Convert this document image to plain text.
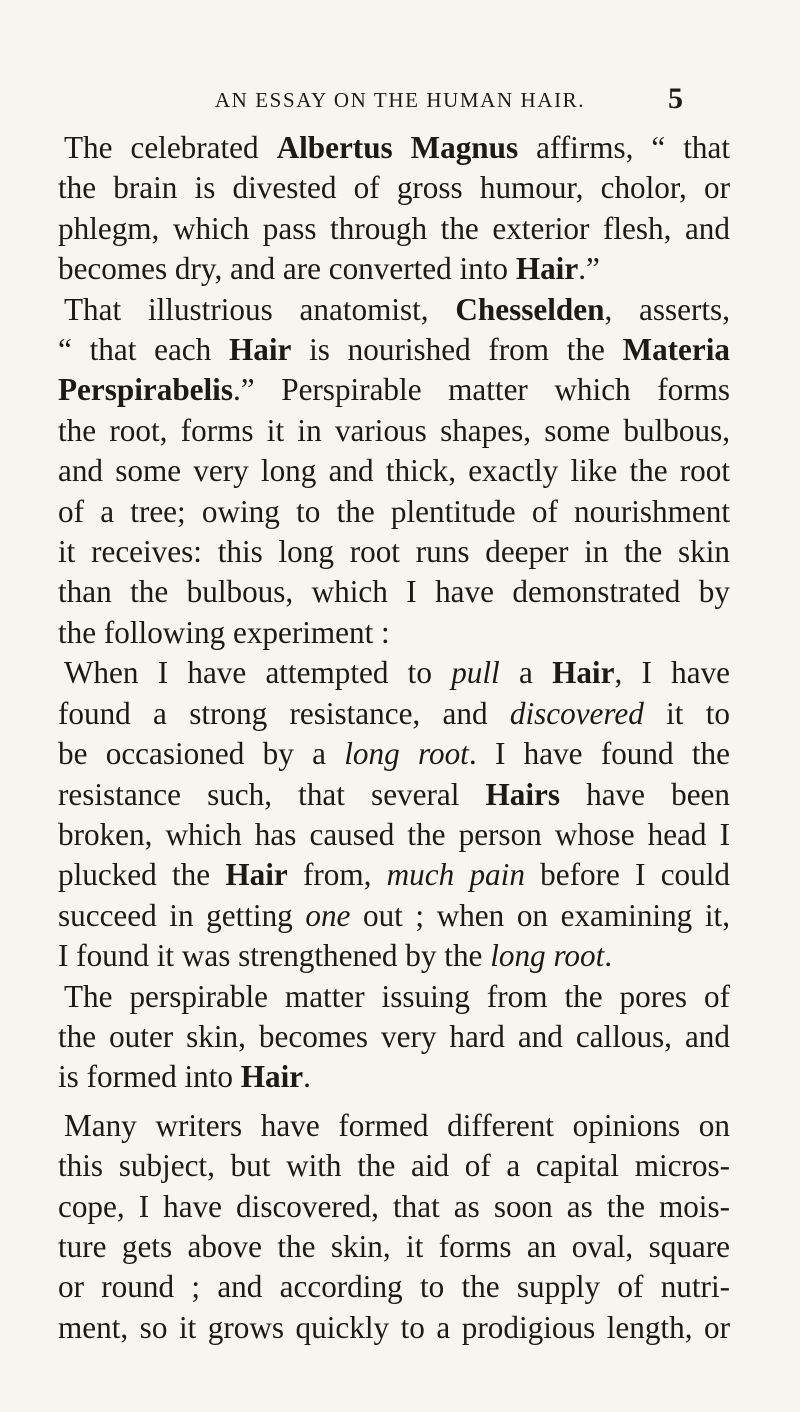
AN ESSAY ON THE HUMAN HAIR.	5

The celebrated Albertus Magnus affirms, “ that
the brain is divested of gross humour, cholor, or
phlegm, which pass through the exterior flesh, and
becomes dry, and are converted into Hair.”

That illustrious anatomist, Chesselden, asserts,
“ that each Hair is nourished from the Materia
Perspirabelis.” Perspirable matter which forms
the root, forms it in various shapes, some bulbous,
and some very long and thick, exactly like the root
of a tree; owing to the plentitude of nourishment
it receives: this long root runs deeper in the skin
than the bulbous, which I have demonstrated by
the following experiment :

When I have attempted to pull a Hair, I have
found a strong resistance, and discovered it to
be occasioned by a long root. I have found the
resistance such, that several Hairs have been
broken, which has caused the person whose head I
plucked the Hair from, much pain before I could
succeed in getting one out ; when on examining it,
I found it was strengthened by the long root.

The perspirable matter issuing from the pores of
the outer skin, becomes very hard and callous, and
is formed into Hair.

Many writers have formed different opinions on
this subject, but with the aid of a capital micros-
cope, I have discovered, that as soon as the mois-
ture gets above the skin, it forms an oval, square
or round ; and according to the supply of nutri-
ment, so it grows quickly to a prodigious length, or
